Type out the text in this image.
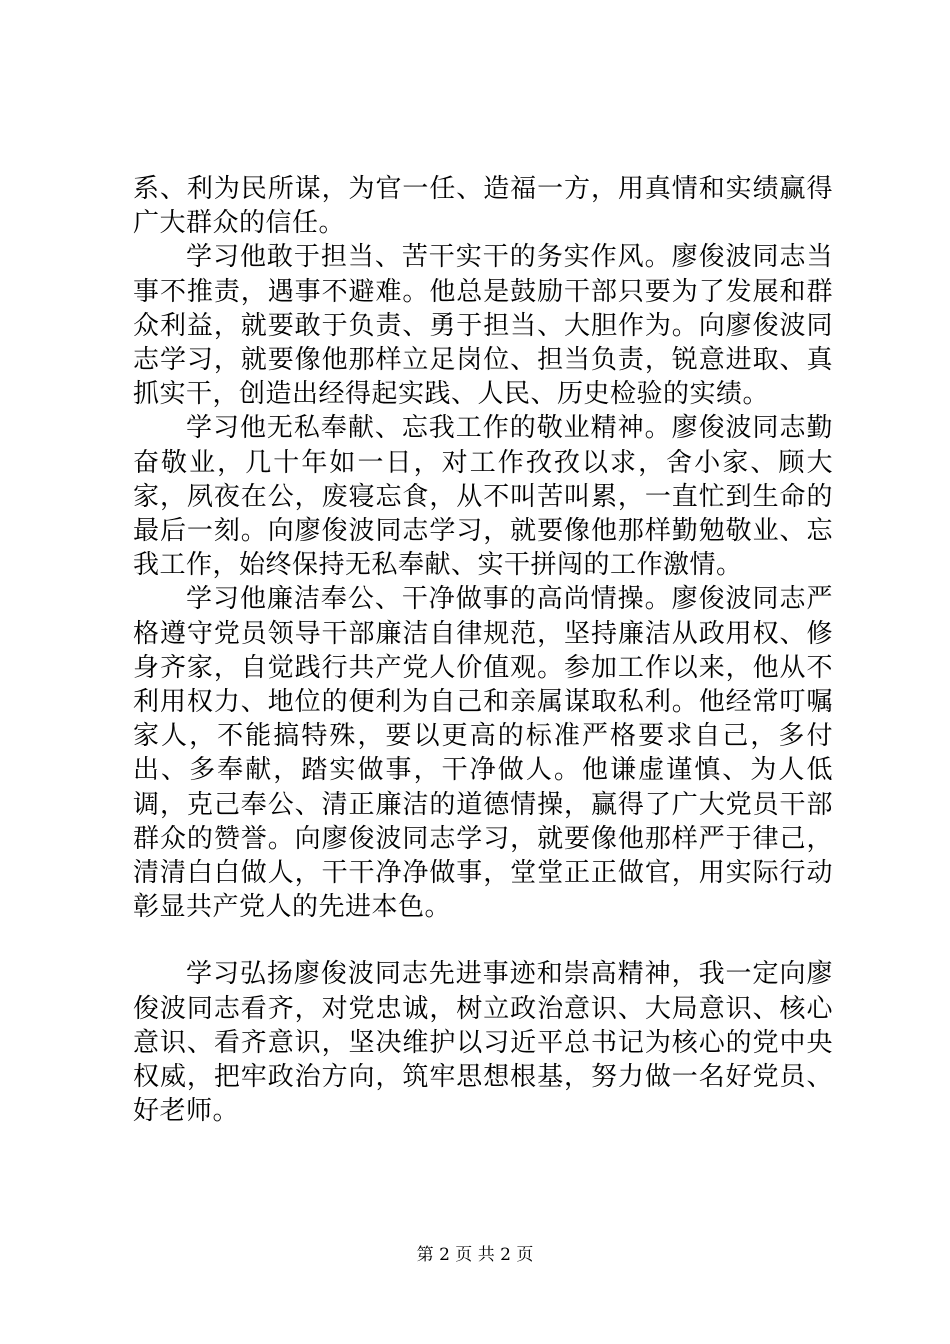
系、利为民所谋，为官一任、造福一方，用真情和实绩赢得广大群众的信任。

学习他敢于担当、苦干实干的务实作风。廖俊波同志当事不推责，遇事不避难。他总是鼓励干部只要为了发展和群众利益，就要敢于负责、勇于担当、大胆作为。向廖俊波同志学习，就要像他那样立足岗位、担当负责，锐意进取、真抓实干，创造出经得起实践、人民、历史检验的实绩。

学习他无私奉献、忘我工作的敬业精神。廖俊波同志勤奋敬业，几十年如一日，对工作孜孜以求，舍小家、顾大家，夙夜在公，废寝忘食，从不叫苦叫累，一直忙到生命的最后一刻。向廖俊波同志学习，就要像他那样勤勉敬业、忘我工作，始终保持无私奉献、实干拼闯的工作激情。

学习他廉洁奉公、干净做事的高尚情操。廖俊波同志严格遵守党员领导干部廉洁自律规范，坚持廉洁从政用权、修身齐家，自觉践行共产党人价值观。参加工作以来，他从不利用权力、地位的便利为自己和亲属谋取私利。他经常叮嘱家人，不能搞特殊，要以更高的标准严格要求自己，多付出、多奉献，踏实做事，干净做人。他谦虚谨慎、为人低调，克己奉公、清正廉洁的道德情操，赢得了广大党员干部群众的赞誉。向廖俊波同志学习，就要像他那样严于律己，清清白白做人，干干净净做事，堂堂正正做官，用实际行动彰显共产党人的先进本色。

学习弘扬廖俊波同志先进事迹和崇高精神，我一定向廖俊波同志看齐，对党忠诚，树立政治意识、大局意识、核心意识、看齐意识，坚决维护以习近平总书记为核心的党中央权威，把牢政治方向，筑牢思想根基，努力做一名好党员、好老师。

第 2 页 共 2 页
